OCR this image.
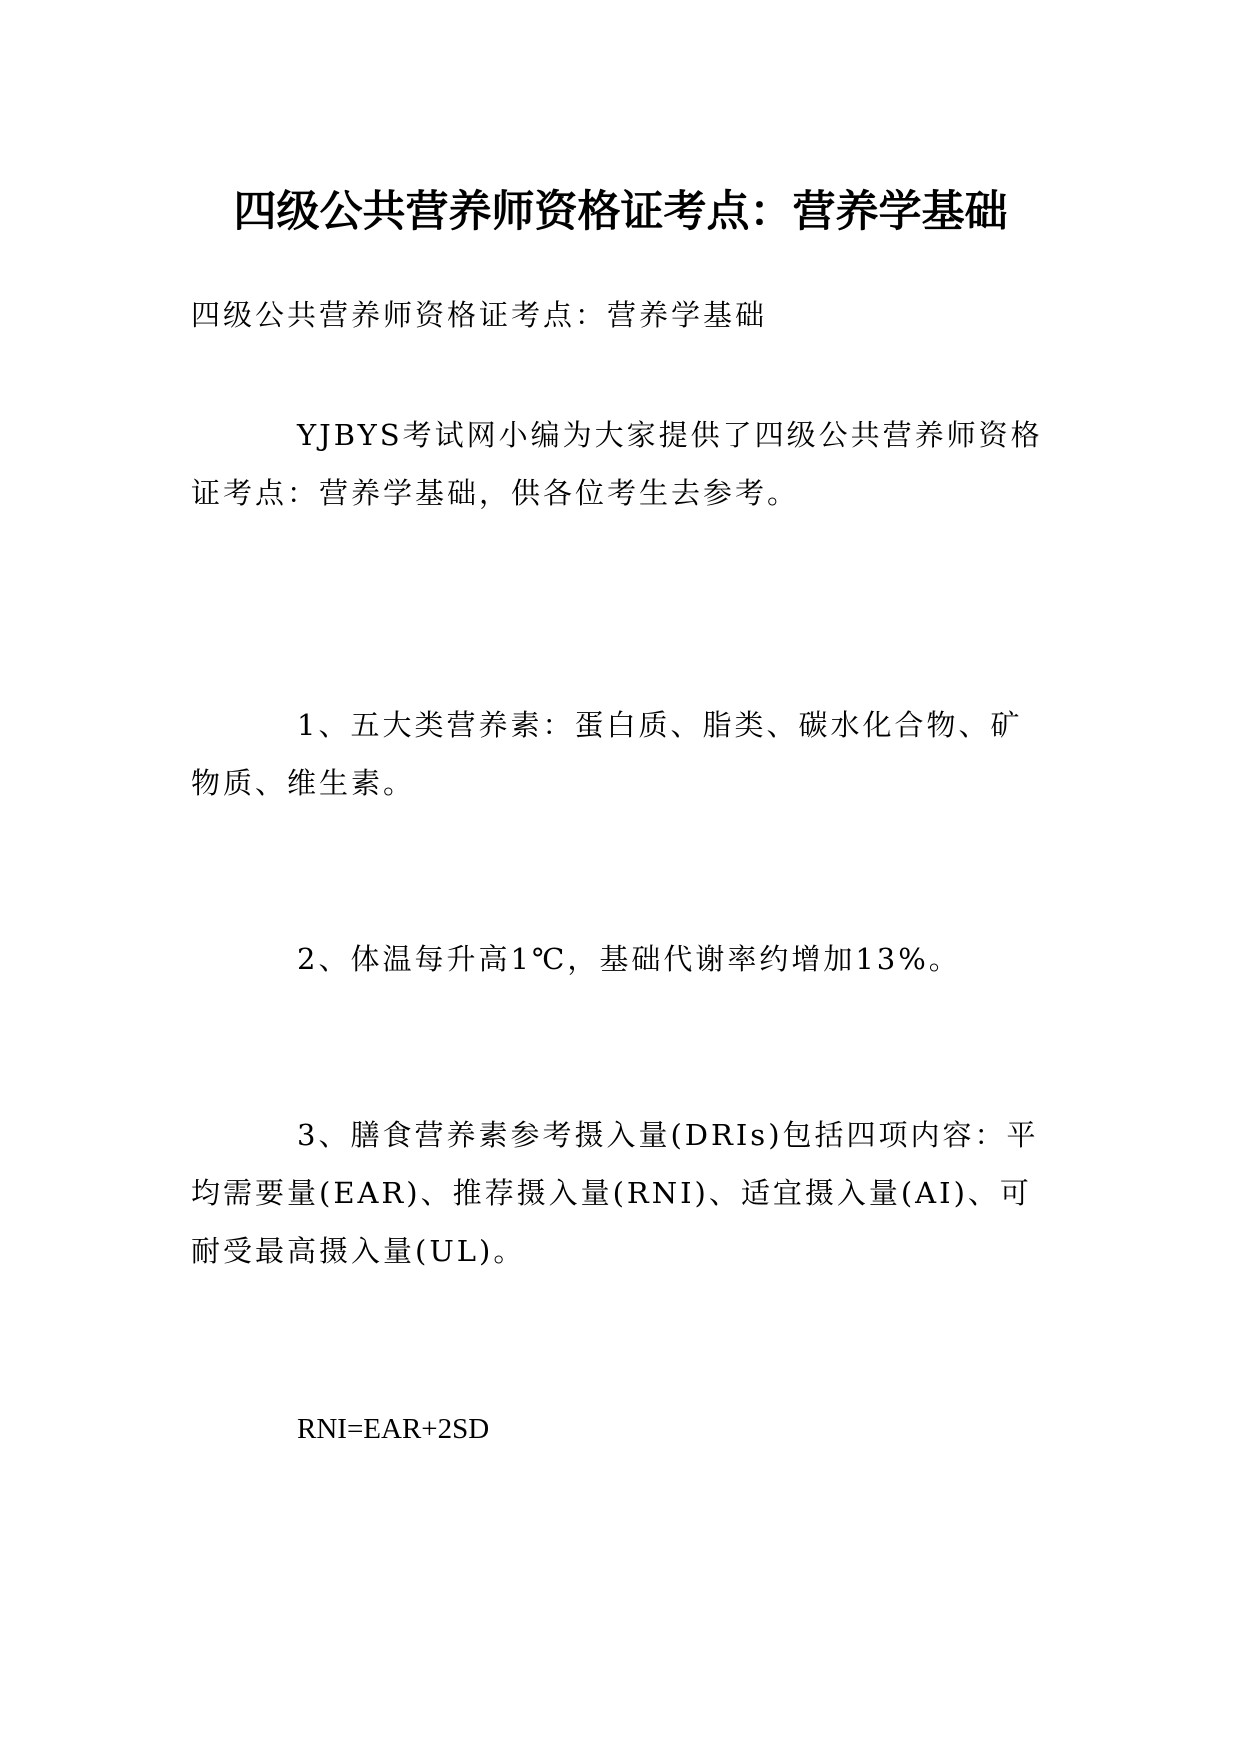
四级公共营养师资格证考点：营养学基础

四级公共营养师资格证考点：营养学基础

YJBYS考试网小编为大家提供了四级公共营养师资格证考点：营养学基础，供各位考生去参考。

1、五大类营养素：蛋白质、脂类、碳水化合物、矿物质、维生素。

2、体温每升高1℃，基础代谢率约增加13%。

3、膳食营养素参考摄入量(DRIs)包括四项内容：平均需要量(EAR)、推荐摄入量(RNI)、适宜摄入量(AI)、可耐受最高摄入量(UL)。

RNI=EAR+2SD
